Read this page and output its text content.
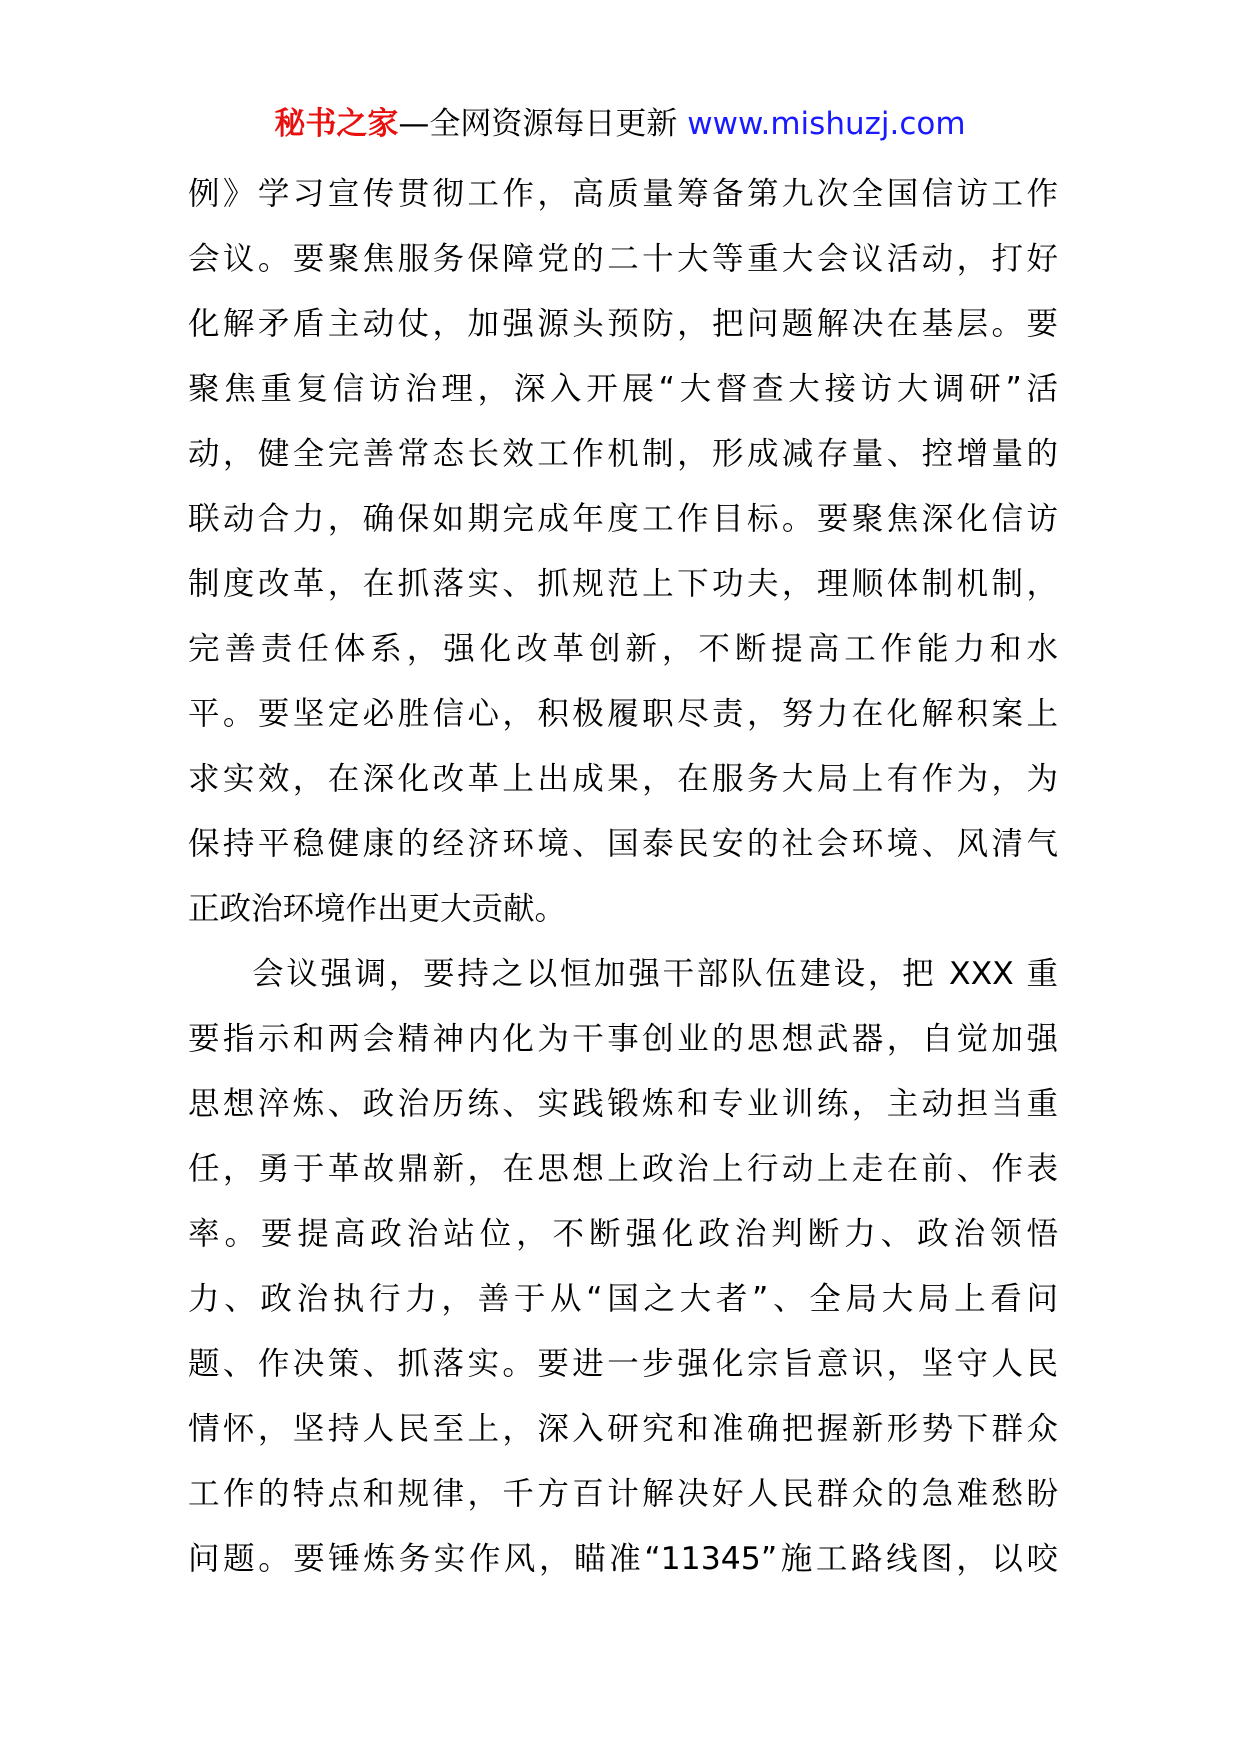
秘书之家—全网资源每日更新 www.mishuzj.com
例》学习宣传贯彻工作，高质量筹备第九次全国信访工作
会议。要聚焦服务保障党的二十大等重大会议活动，打好
化解矛盾主动仗，加强源头预防，把问题解决在基层。要
聚焦重复信访治理，深入开展“大督查大接访大调研”活
动，健全完善常态长效工作机制，形成减存量、控增量的
联动合力，确保如期完成年度工作目标。要聚焦深化信访
制度改革，在抓落实、抓规范上下功夫，理顺体制机制，
完善责任体系，强化改革创新，不断提高工作能力和水
平。要坚定必胜信心，积极履职尽责，努力在化解积案上
求实效，在深化改革上出成果，在服务大局上有作为，为
保持平稳健康的经济环境、国泰民安的社会环境、风清气
正政治环境作出更大贡献。
会议强调，要持之以恒加强干部队伍建设，把 XXX 重
要指示和两会精神内化为干事创业的思想武器，自觉加强
思想淬炼、政治历练、实践锻炼和专业训练，主动担当重
任，勇于革故鼎新，在思想上政治上行动上走在前、作表
率。要提高政治站位，不断强化政治判断力、政治领悟
力、政治执行力，善于从“国之大者”、全局大局上看问
题、作决策、抓落实。要进一步强化宗旨意识，坚守人民
情怀，坚持人民至上，深入研究和准确把握新形势下群众
工作的特点和规律，千方百计解决好人民群众的急难愁盼
问题。要锤炼务实作风，瞄准“11345”施工路线图，以咬
